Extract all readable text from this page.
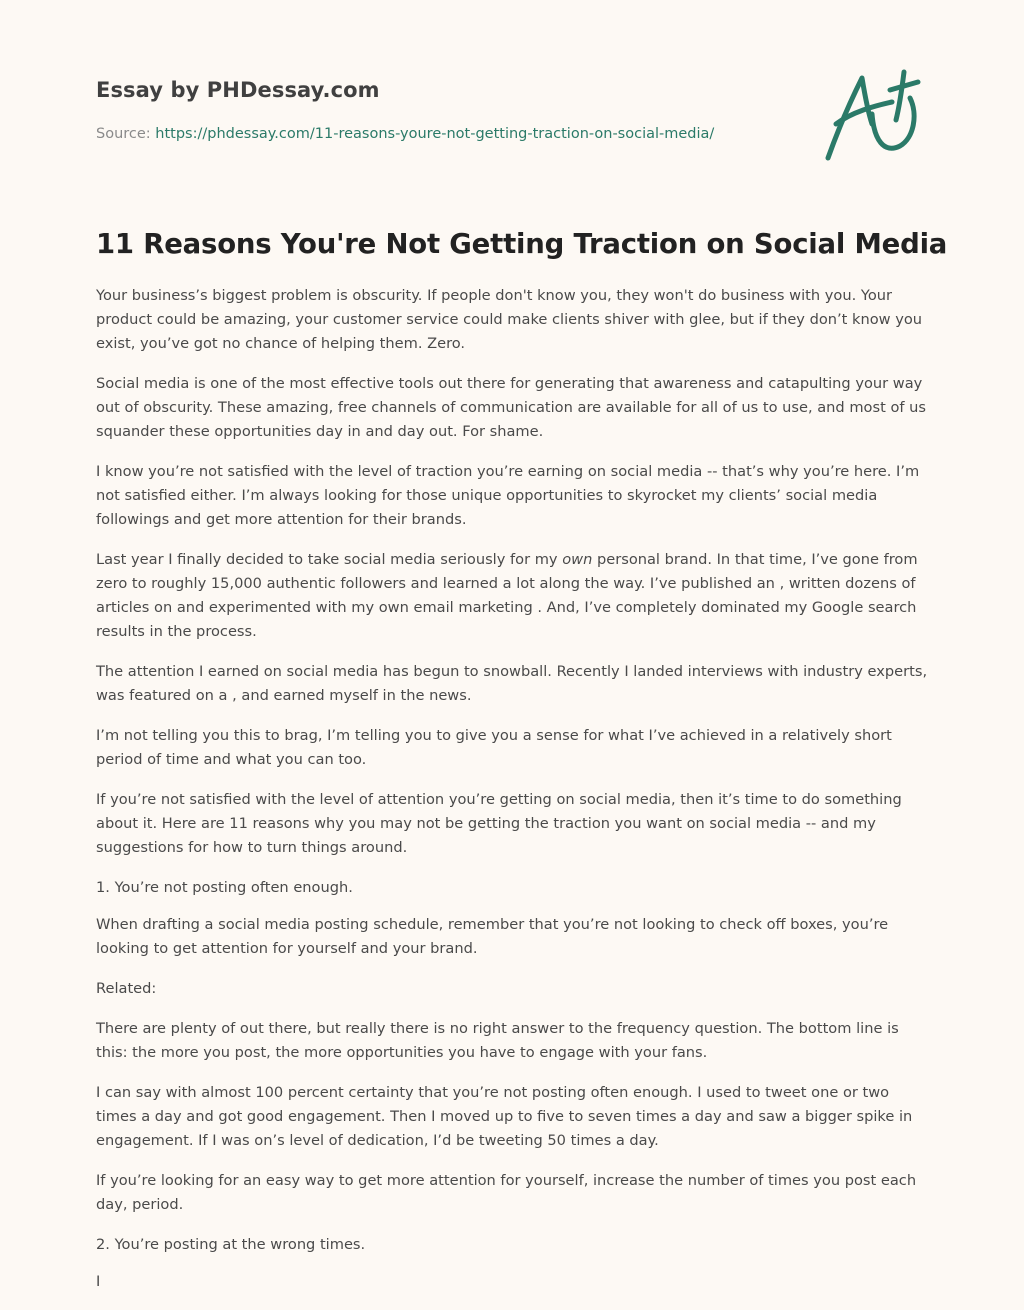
Essay by PHDessay.com
Source: https://phdessay.com/11-reasons-youre-not-getting-traction-on-social-media/
11 Reasons You're Not Getting Traction on Social Media

Your business’s biggest problem is obscurity. If people don't know you, they won't do business with you. Your product could be amazing, your customer service could make clients shiver with glee, but if they don’t know you exist, you’ve got no chance of helping them. Zero.

Social media is one of the most effective tools out there for generating that awareness and catapulting your way out of obscurity. These amazing, free channels of communication are available for all of us to use, and most of us squander these opportunities day in and day out. For shame.

I know you’re not satisfied with the level of traction you’re earning on social media -- that’s why you’re here. I’m not satisfied either. I’m always looking for those unique opportunities to skyrocket my clients’ social media followings and get more attention for their brands.

Last year I finally decided to take social media seriously for my own personal brand. In that time, I’ve gone from zero to roughly 15,000 authentic followers and learned a lot along the way. I’ve published an , written dozens of articles on and experimented with my own email marketing . And, I’ve completely dominated my Google search results in the process.

The attention I earned on social media has begun to snowball. Recently I landed interviews with industry experts, was featured on a , and earned myself in the news.

I’m not telling you this to brag, I’m telling you to give you a sense for what I’ve achieved in a relatively short period of time and what you can too.

If you’re not satisfied with the level of attention you’re getting on social media, then it’s time to do something about it. Here are 11 reasons why you may not be getting the traction you want on social media -- and my suggestions for how to turn things around.

1. You’re not posting often enough.

When drafting a social media posting schedule, remember that you’re not looking to check off boxes, you’re looking to get attention for yourself and your brand.

Related:

There are plenty of out there, but really there is no right answer to the frequency question. The bottom line is this: the more you post, the more opportunities you have to engage with your fans.

I can say with almost 100 percent certainty that you’re not posting often enough. I used to tweet one or two times a day and got good engagement. Then I moved up to five to seven times a day and saw a bigger spike in engagement. If I was on’s level of dedication, I’d be tweeting 50 times a day.

If you’re looking for an easy way to get more attention for yourself, increase the number of times you post each day, period.

2. You’re posting at the wrong times.

I
